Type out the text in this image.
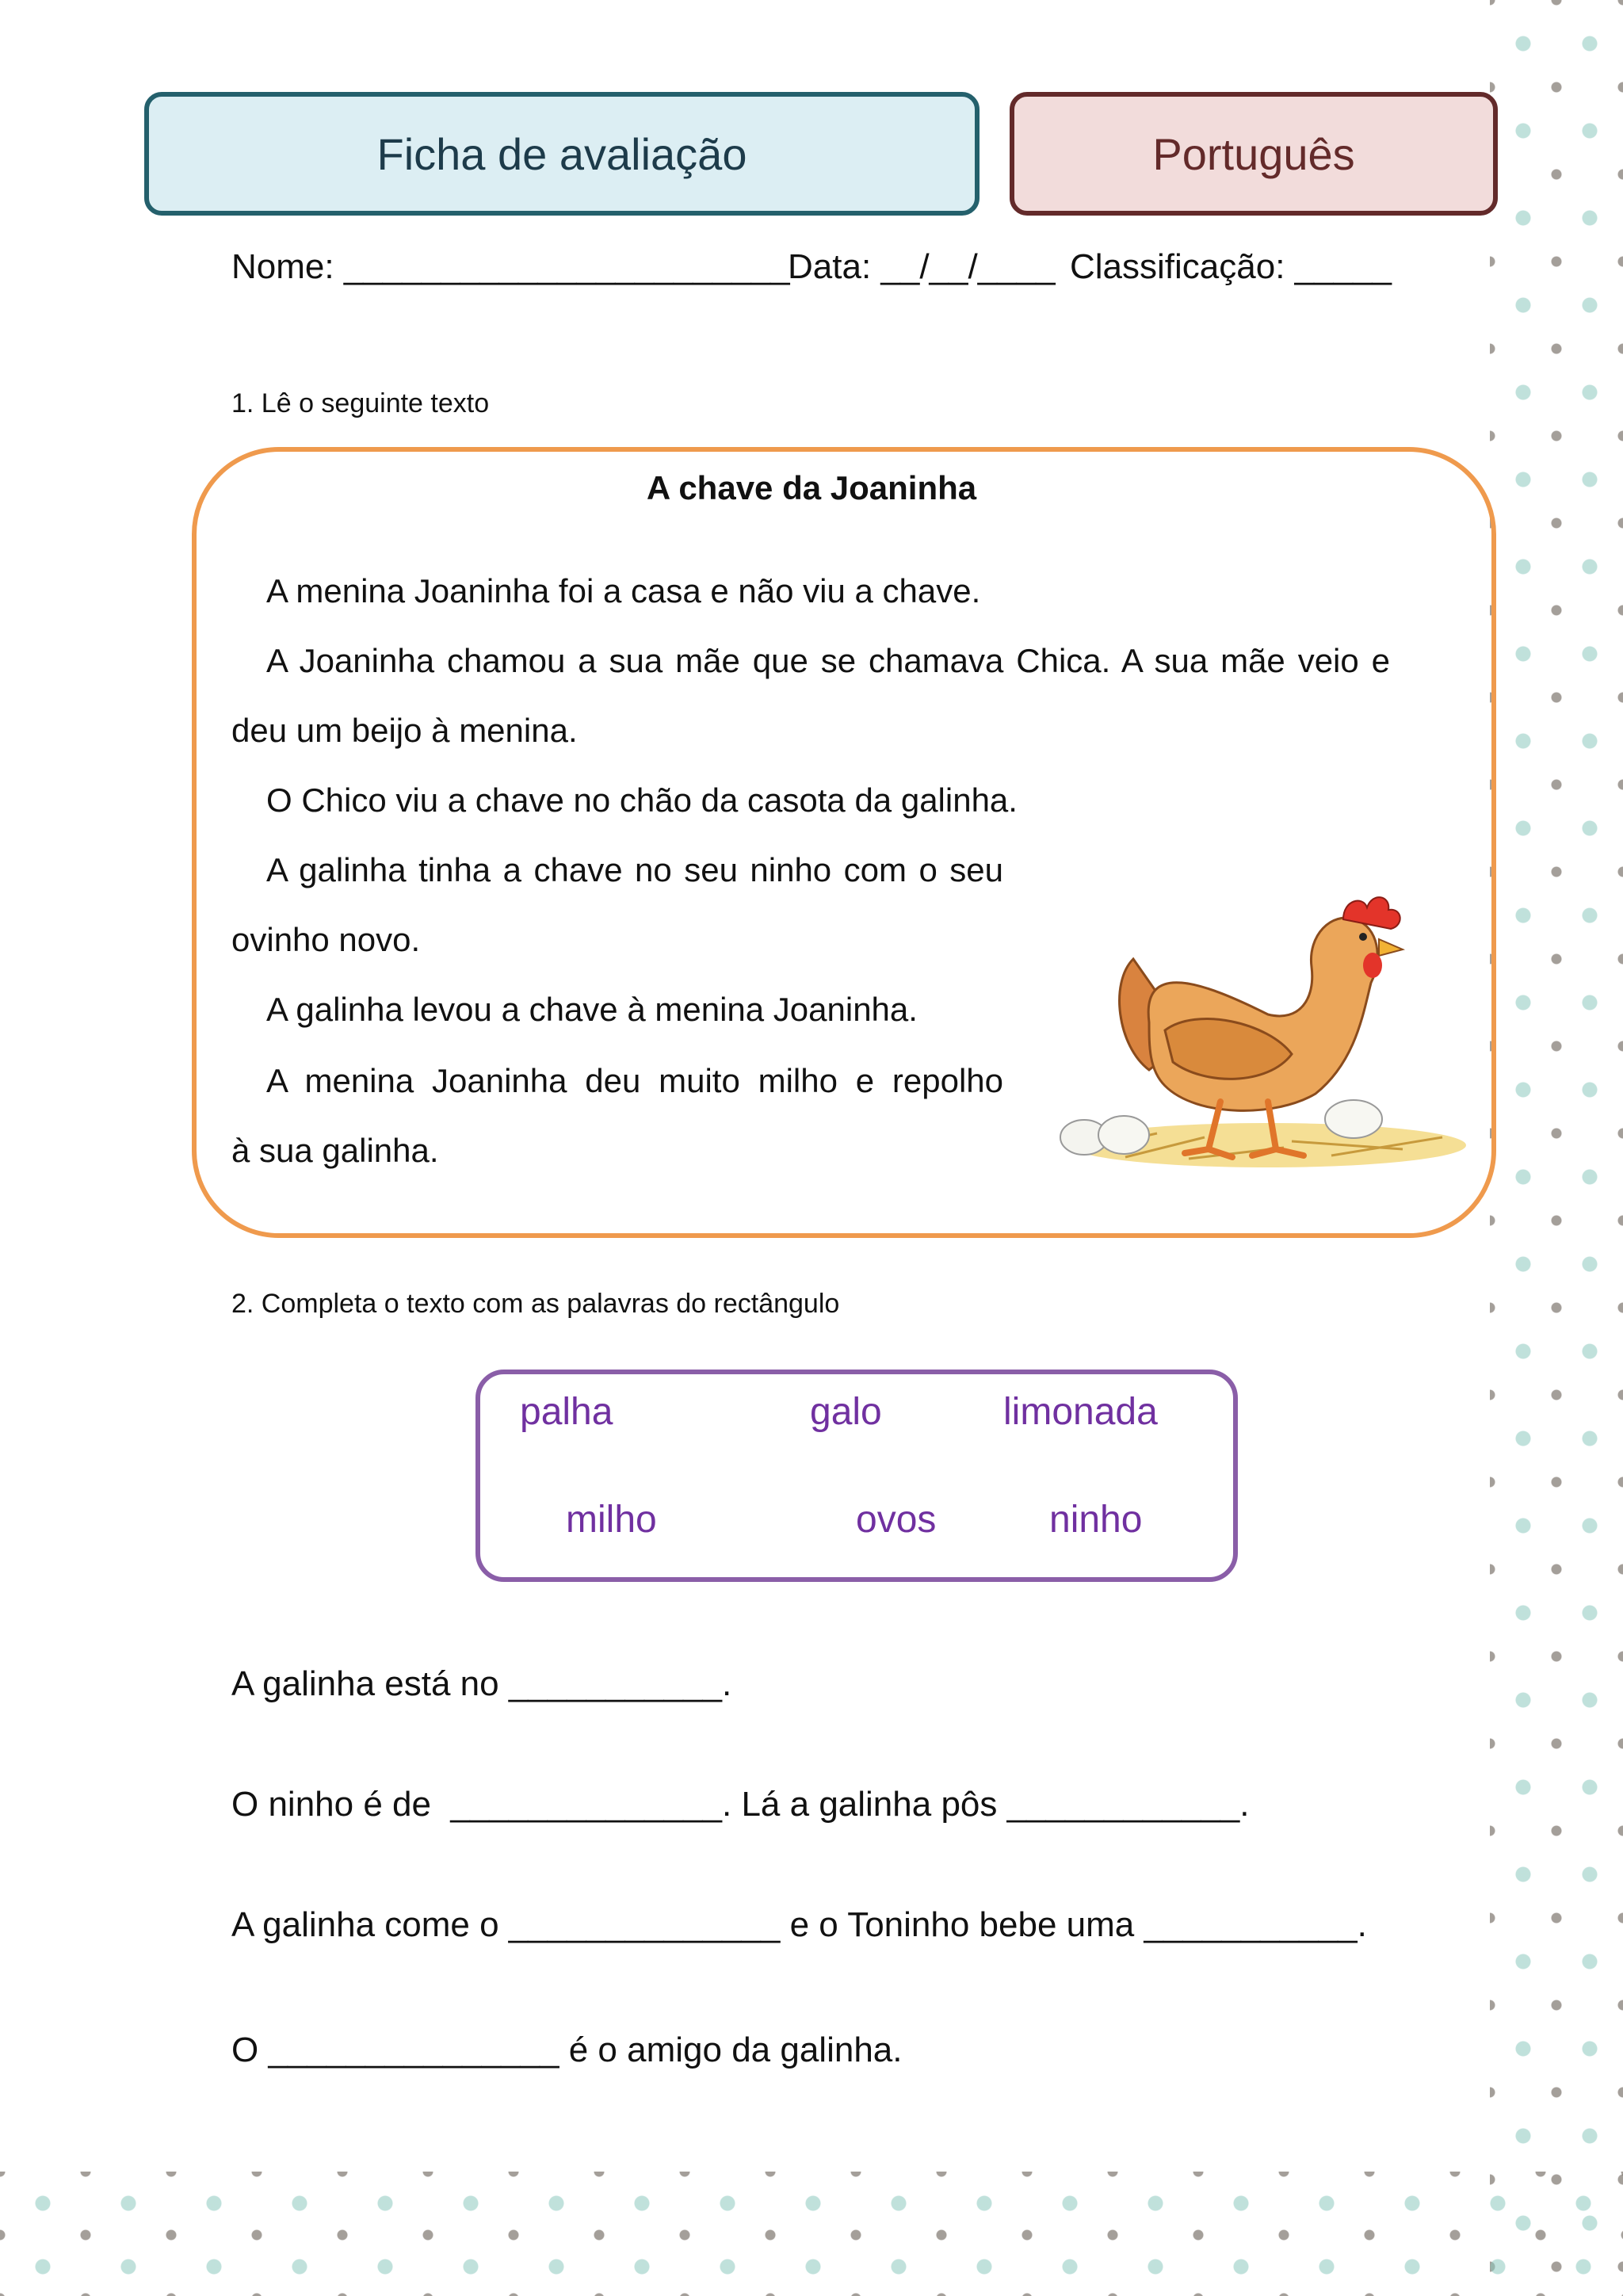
Ficha de avaliação	Português
Nome: _______________________
Data: __/__/____ Classificação: _____
1. Lê o seguinte texto
A chave da Joaninha
A menina Joaninha foi a casa e não viu a chave.
A Joaninha chamou a sua mãe que se chamava Chica. A sua mãe veio e
deu um beijo à menina.
O Chico viu a chave no chão da casota da galinha.
A galinha tinha a chave no seu ninho com o seu
ovinho novo.
A galinha levou a chave à menina Joaninha.
A menina Joaninha deu muito milho e repolho
à sua galinha.
2. Completa o texto com as palavras do rectângulo
palha	galo	limonada
milho	ovos	ninho
A galinha está no ___________.
O ninho é de  ______________. Lá a galinha pôs ____________.
A galinha come o ______________ e o Toninho bebe uma ___________.
O _______________ é o amigo da galinha.
